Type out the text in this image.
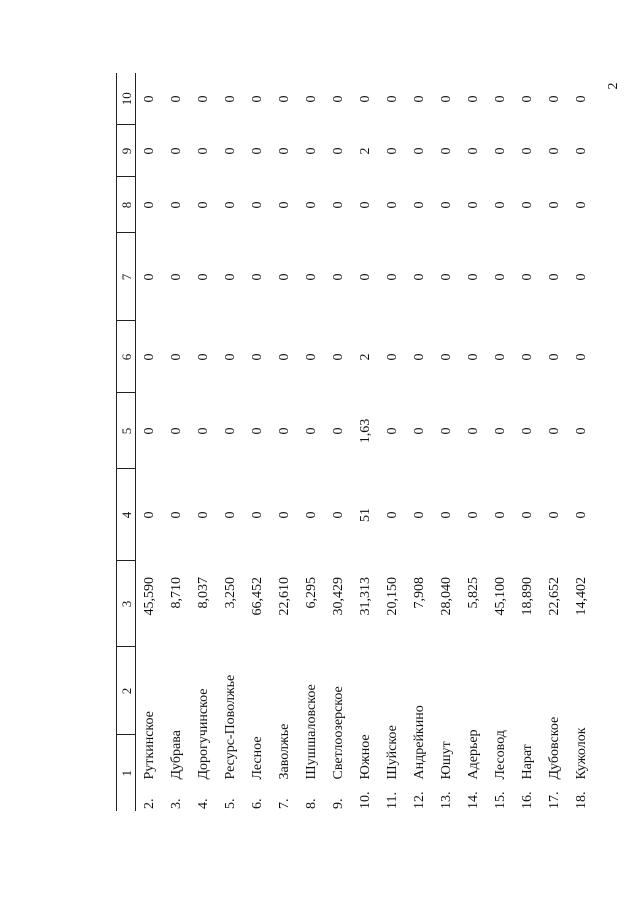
2
1	2	3	4	5	6	7	8	9	10
2. Руткинское		45,590	0	0	0	0	0	0	0
3. Дубрава		8,710	0	0	0	0	0	0	0
4. Дорогучинское		8,037	0	0	0	0	0	0	0
5. Ресурс-Поволжье		3,250	0	0	0	0	0	0	0
6. Лесное		66,452	0	0	0	0	0	0	0
7. Заволжье		22,610	0	0	0	0	0	0	0
8. Шушшаловское		6,295	0	0	0	0	0	0	0
9. Светлоозерское		30,429	0	0	0	0	0	0	0
10. Южное		31,313	51	1,63	2	0	0	2	0
11. Шуйское		20,150	0	0	0	0	0	0	0
12. Андрейкино		7,908	0	0	0	0	0	0	0
13. Юшут		28,040	0	0	0	0	0	0	0
14. Адерьер		5,825	0	0	0	0	0	0	0
15. Лесовод		45,100	0	0	0	0	0	0	0
16. Нарат		18,890	0	0	0	0	0	0	0
17. Дубовское		22,652	0	0	0	0	0	0	0
18. Кужолок		14,402	0	0	0	0	0	0	0
